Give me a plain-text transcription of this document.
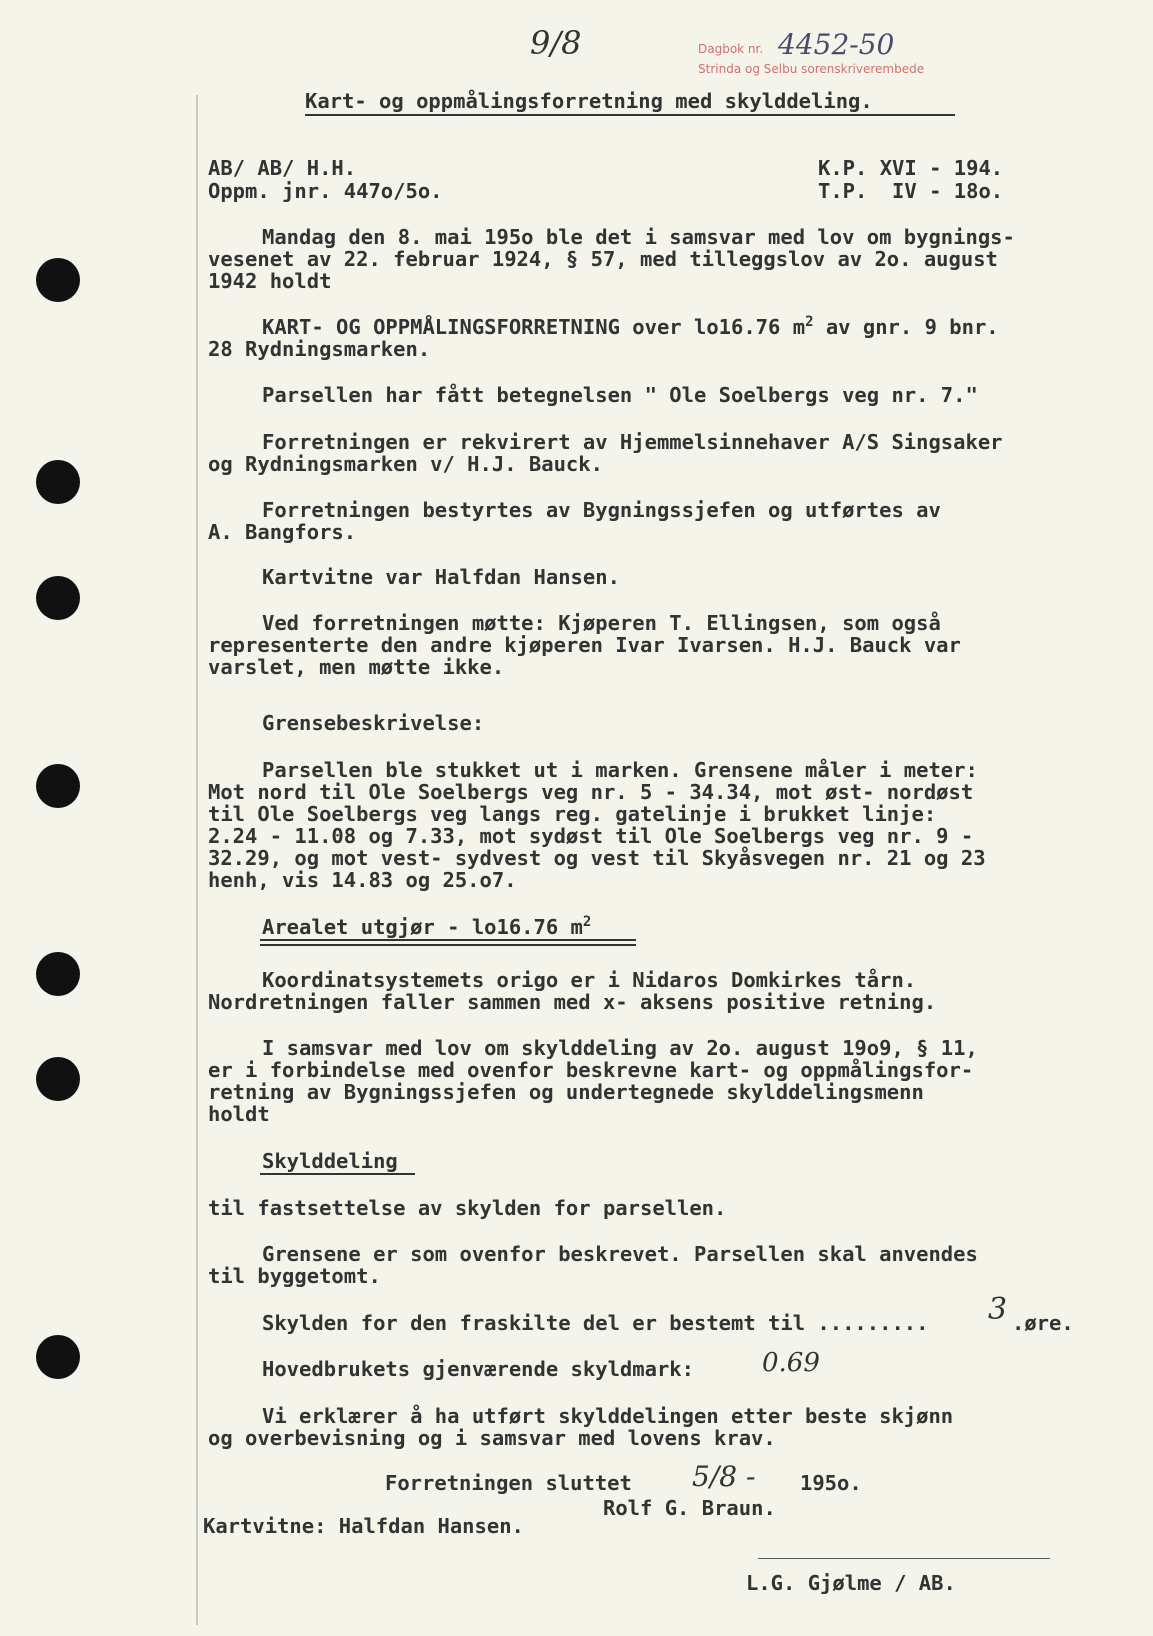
9/8	Dagbok nr. 4452-50
Strinda og Selbu sorenskriverembede
Kart- og oppmålingsforretning med skylddeling.
AB/ AB/ H.H.
Oppm. jnr. 447o/5o.
K.P. XVI - 194.
T.P.  IV - 18o.
Mandag den 8. mai 195o ble det i samsvar med lov om bygnings-
vesenet av 22. februar 1924, § 57, med tilleggslov av 2o. august
1942 holdt
KART- OG OPPMÅLINGSFORRETNING over lo16.76 $m^2$ av gnr. 9 bnr.
28 Rydningsmarken.
Parsellen har fått betegnelsen " Ole Soelbergs veg nr. 7."
Forretningen er rekvirert av Hjemmelsinnehaver A/S Singsaker
og Rydningsmarken v/ H.J. Bauck.
Forretningen bestyrtes av Bygningssjefen og utførtes av
A. Bangfors.
Kartvitne var Halfdan Hansen.
Ved forretningen møtte: Kjøperen T. Ellingsen, som også
representerte den andre kjøperen Ivar Ivarsen. H.J. Bauck var
varslet, men møtte ikke.
Grensebeskrivelse:
Parsellen ble stukket ut i marken. Grensene måler i meter:
Mot nord til Ole Soelbergs veg nr. 5 - 34.34, mot øst- nordøst
til Ole Soelbergs veg langs reg. gatelinje i brukket linje:
2.24 - 11.08 og 7.33, mot sydøst til Ole Soelbergs veg nr. 9 -
32.29, og mot vest- sydvest og vest til Skyåsvegen nr. 21 og 23
henh, vis 14.83 og 25.o7.
Arealet utgjør - lo16.76 $m^2$
Koordinatsystemets origo er i Nidaros Domkirkes tårn.
Nordretningen faller sammen med x- aksens positive retning.
I samsvar med lov om skylddeling av 2o. august 19o9, § 11,
er i forbindelse med ovenfor beskrevne kart- og oppmålingsfor-
retning av Bygningssjefen og undertegnede skylddelingsmenn
holdt
Skylddeling
til fastsettelse av skylden for parsellen.
Grensene er som ovenfor beskrevet. Parsellen skal anvendes
til byggetomt.
Skylden for den fraskilte del er bestemt til ......... 3 .øre.
Hovedbrukets gjenværende skyldmark:	0.69
Vi erklærer å ha utført skylddelingen etter beste skjønn
og overbevisning og i samsvar med lovens krav.
Forretningen sluttet 5/8 - 195o.
Rolf G. Braun.
Kartvitne: Halfdan Hansen.
L.G. Gjølme / AB.
